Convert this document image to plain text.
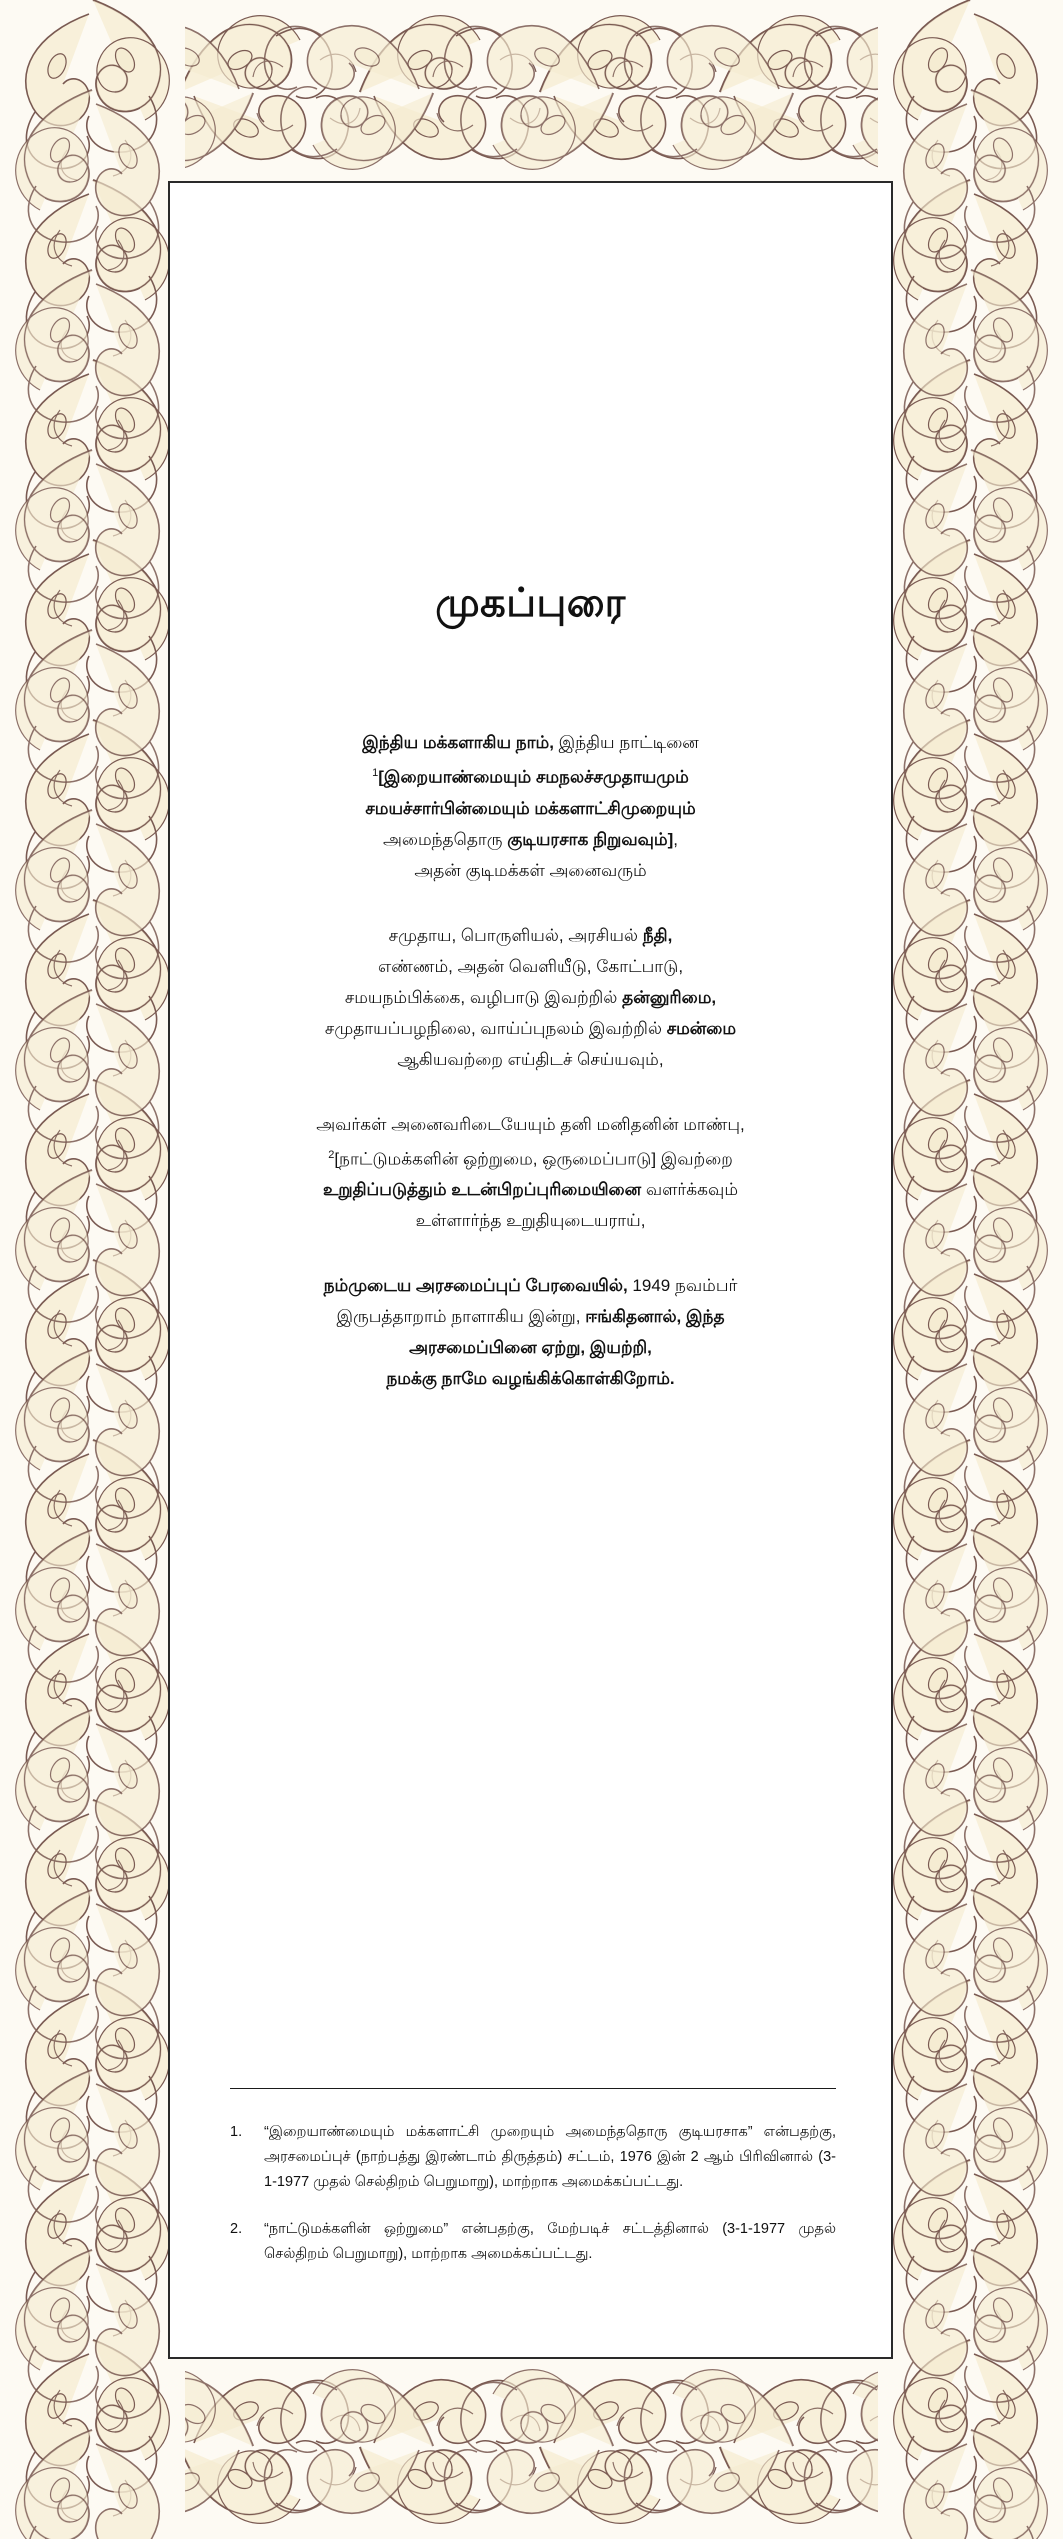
முகப்புரை
இந்திய மக்களாகிய நாம், இந்திய நாட்டினை
$^1$[இறையாண்மையும் சமநலச்சமுதாயமும்
சமயச்சார்பின்மையும் மக்களாட்சிமுறையும்
அமைந்ததொரு குடியரசாக நிறுவவும்],
அதன் குடிமக்கள் அனைவரும்
சமுதாய, பொருளியல், அரசியல் நீதி,
எண்ணம், அதன் வெளியீடு, கோட்பாடு,
சமயநம்பிக்கை, வழிபாடு இவற்றில் தன்னுரிமை,
சமுதாயப்பழநிலை, வாய்ப்புநலம் இவற்றில் சமன்மை
ஆகியவற்றை எய்திடச் செய்யவும்,
அவர்கள் அனைவரிடையேயும் தனி மனிதனின் மாண்பு,
$^2$[நாட்டுமக்களின் ஒற்றுமை, ஒருமைப்பாடு] இவற்றை
உறுதிப்படுத்தும் உடன்பிறப்புரிமையினை வளர்க்கவும்
உள்ளார்ந்த உறுதியுடையராய்,
நம்முடைய அரசமைப்புப் பேரவையில், 1949 நவம்பர்
இருபத்தாறாம் நாளாகிய இன்று, ஈங்கிதனால், இந்த
அரசமைப்பினை ஏற்று, இயற்றி,
நமக்கு நாமே வழங்கிக்கொள்கிறோம்.
1.	“இறையாண்மையும் மக்களாட்சி முறையும் அமைந்ததொரு குடியரசாக” என்பதற்கு, அரசமைப்புச் (நாற்பத்து இரண்டாம் திருத்தம்) சட்டம், 1976 இன் 2 ஆம் பிரிவினால் (3-1-1977 முதல் செல்திறம் பெறுமாறு), மாற்றாக அமைக்கப்பட்டது.
2.	“நாட்டுமக்களின் ஒற்றுமை” என்பதற்கு, மேற்படிச் சட்டத்தினால் (3-1-1977 முதல் செல்திறம் பெறுமாறு), மாற்றாக அமைக்கப்பட்டது.
